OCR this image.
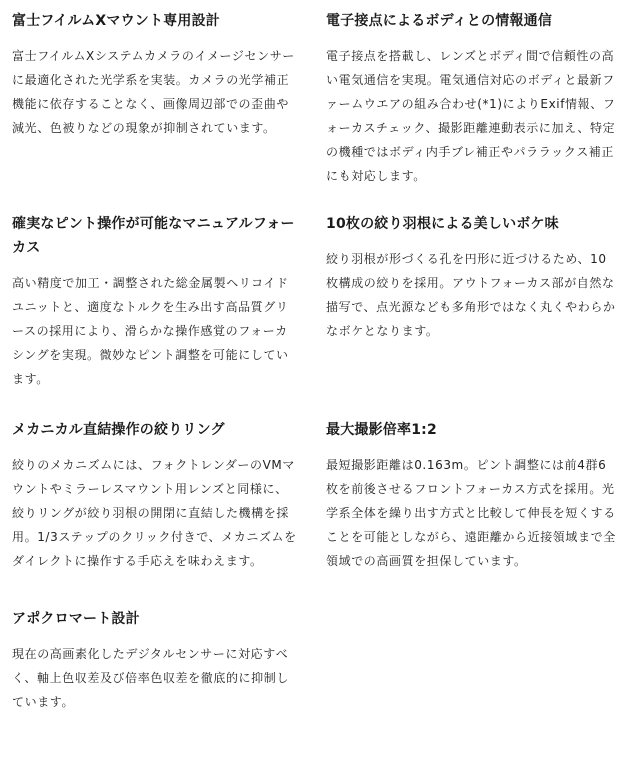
富士フイルムXマウント専用設計

富士フイルムXシステムカメラのイメージセンサーに最適化された光学系を実装。カメラの光学補正機能に依存することなく、画像周辺部での歪曲や減光、色被りなどの現象が抑制されています。

電子接点によるボディとの情報通信

電子接点を搭載し、レンズとボディ間で信頼性の高い電気通信を実現。電気通信対応のボディと最新ファームウエアの組み合わせ(*1)によりExif情報、フォーカスチェック、撮影距離連動表示に加え、特定の機種ではボディ内手ブレ補正やパララックス補正にも対応します。

確実なピント操作が可能なマニュアルフォーカス

高い精度で加工・調整された総金属製ヘリコイドユニットと、適度なトルクを生み出す高品質グリースの採用により、滑らかな操作感覚のフォーカシングを実現。微妙なピント調整を可能にしています。

10枚の絞り羽根による美しいボケ味

絞り羽根が形づくる孔を円形に近づけるため、10枚構成の絞りを採用。アウトフォーカス部が自然な描写で、点光源なども多角形ではなく丸くやわらかなボケとなります。

メカニカル直結操作の絞りリング

絞りのメカニズムには、フォクトレンダーのVMマウントやミラーレスマウント用レンズと同様に、絞りリングが絞り羽根の開閉に直結した機構を採用。1/3ステップのクリック付きで、メカニズムをダイレクトに操作する手応えを味わえます。

最大撮影倍率1:2

最短撮影距離は0.163m。ピント調整には前4群6枚を前後させるフロントフォーカス方式を採用。光学系全体を繰り出す方式と比較して伸長を短くすることを可能としながら、遠距離から近接領域まで全領域での高画質を担保しています。

アポクロマート設計

現在の高画素化したデジタルセンサーに対応すべく、軸上色収差及び倍率色収差を徹底的に抑制しています。
